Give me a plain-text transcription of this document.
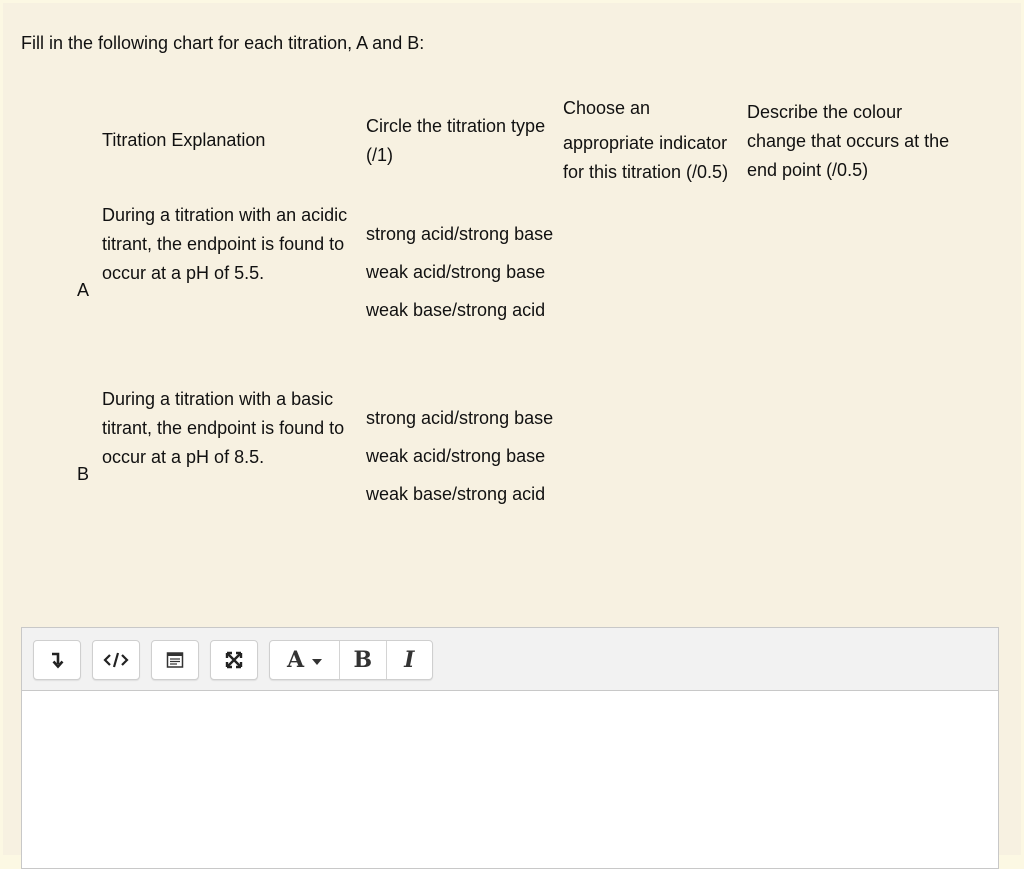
Fill in the following chart for each titration, A and B:
Titration Explanation
Circle the titration type (/1)
Choose an
appropriate indicator for this titration (/0.5)
Describe the colour change that occurs at the end point (/0.5)
A
During a titration with an acidic titrant, the endpoint is found to occur at a pH of 5.5.
strong acid/strong base
weak acid/strong base
weak base/strong acid
B
During a titration with a basic titrant, the endpoint is found to occur at a pH of 8.5.
strong acid/strong base
weak acid/strong base
weak base/strong acid
A B I
